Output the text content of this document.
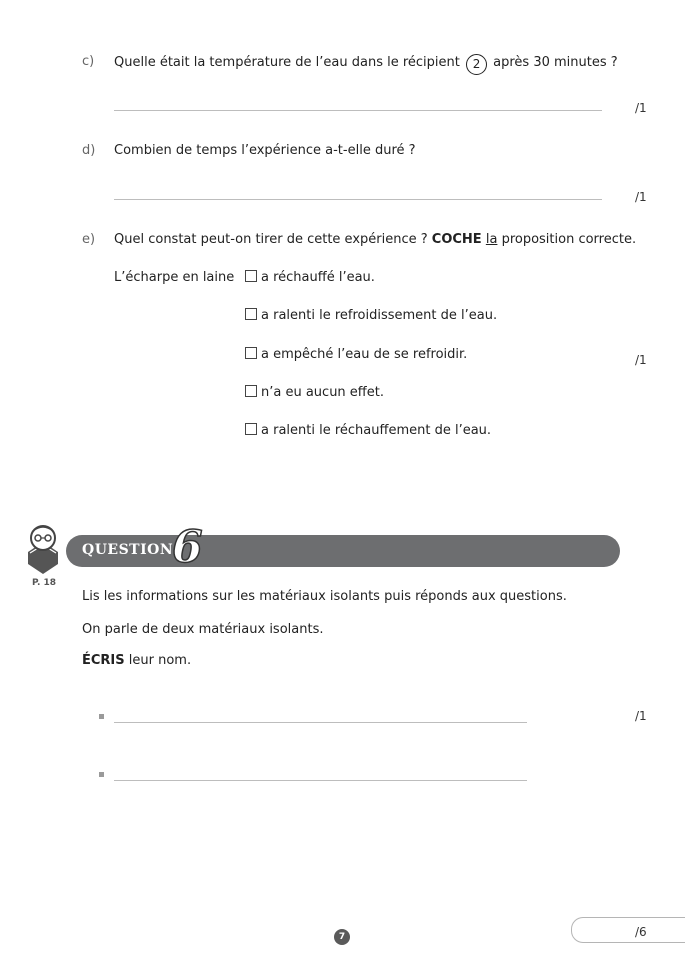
c) Quelle était la température de l’eau dans le récipient 2 après 30 minutes ?
/1
d) Combien de temps l’expérience a-t-elle duré ?
/1
e) Quel constat peut-on tirer de cette expérience ? COCHE la proposition correcte.
L’écharpe en laine	a réchauffé l’eau.
a ralenti le refroidissement de l’eau.
a empêché l’eau de se refroidir.
n’a eu aucun effet.
a ralenti le réchauffement de l’eau.
/1
P. 18
QUESTION
6
Lis les informations sur les matériaux isolants puis réponds aux questions.
On parle de deux matériaux isolants.
ÉCRIS leur nom.
/1
/6
7
